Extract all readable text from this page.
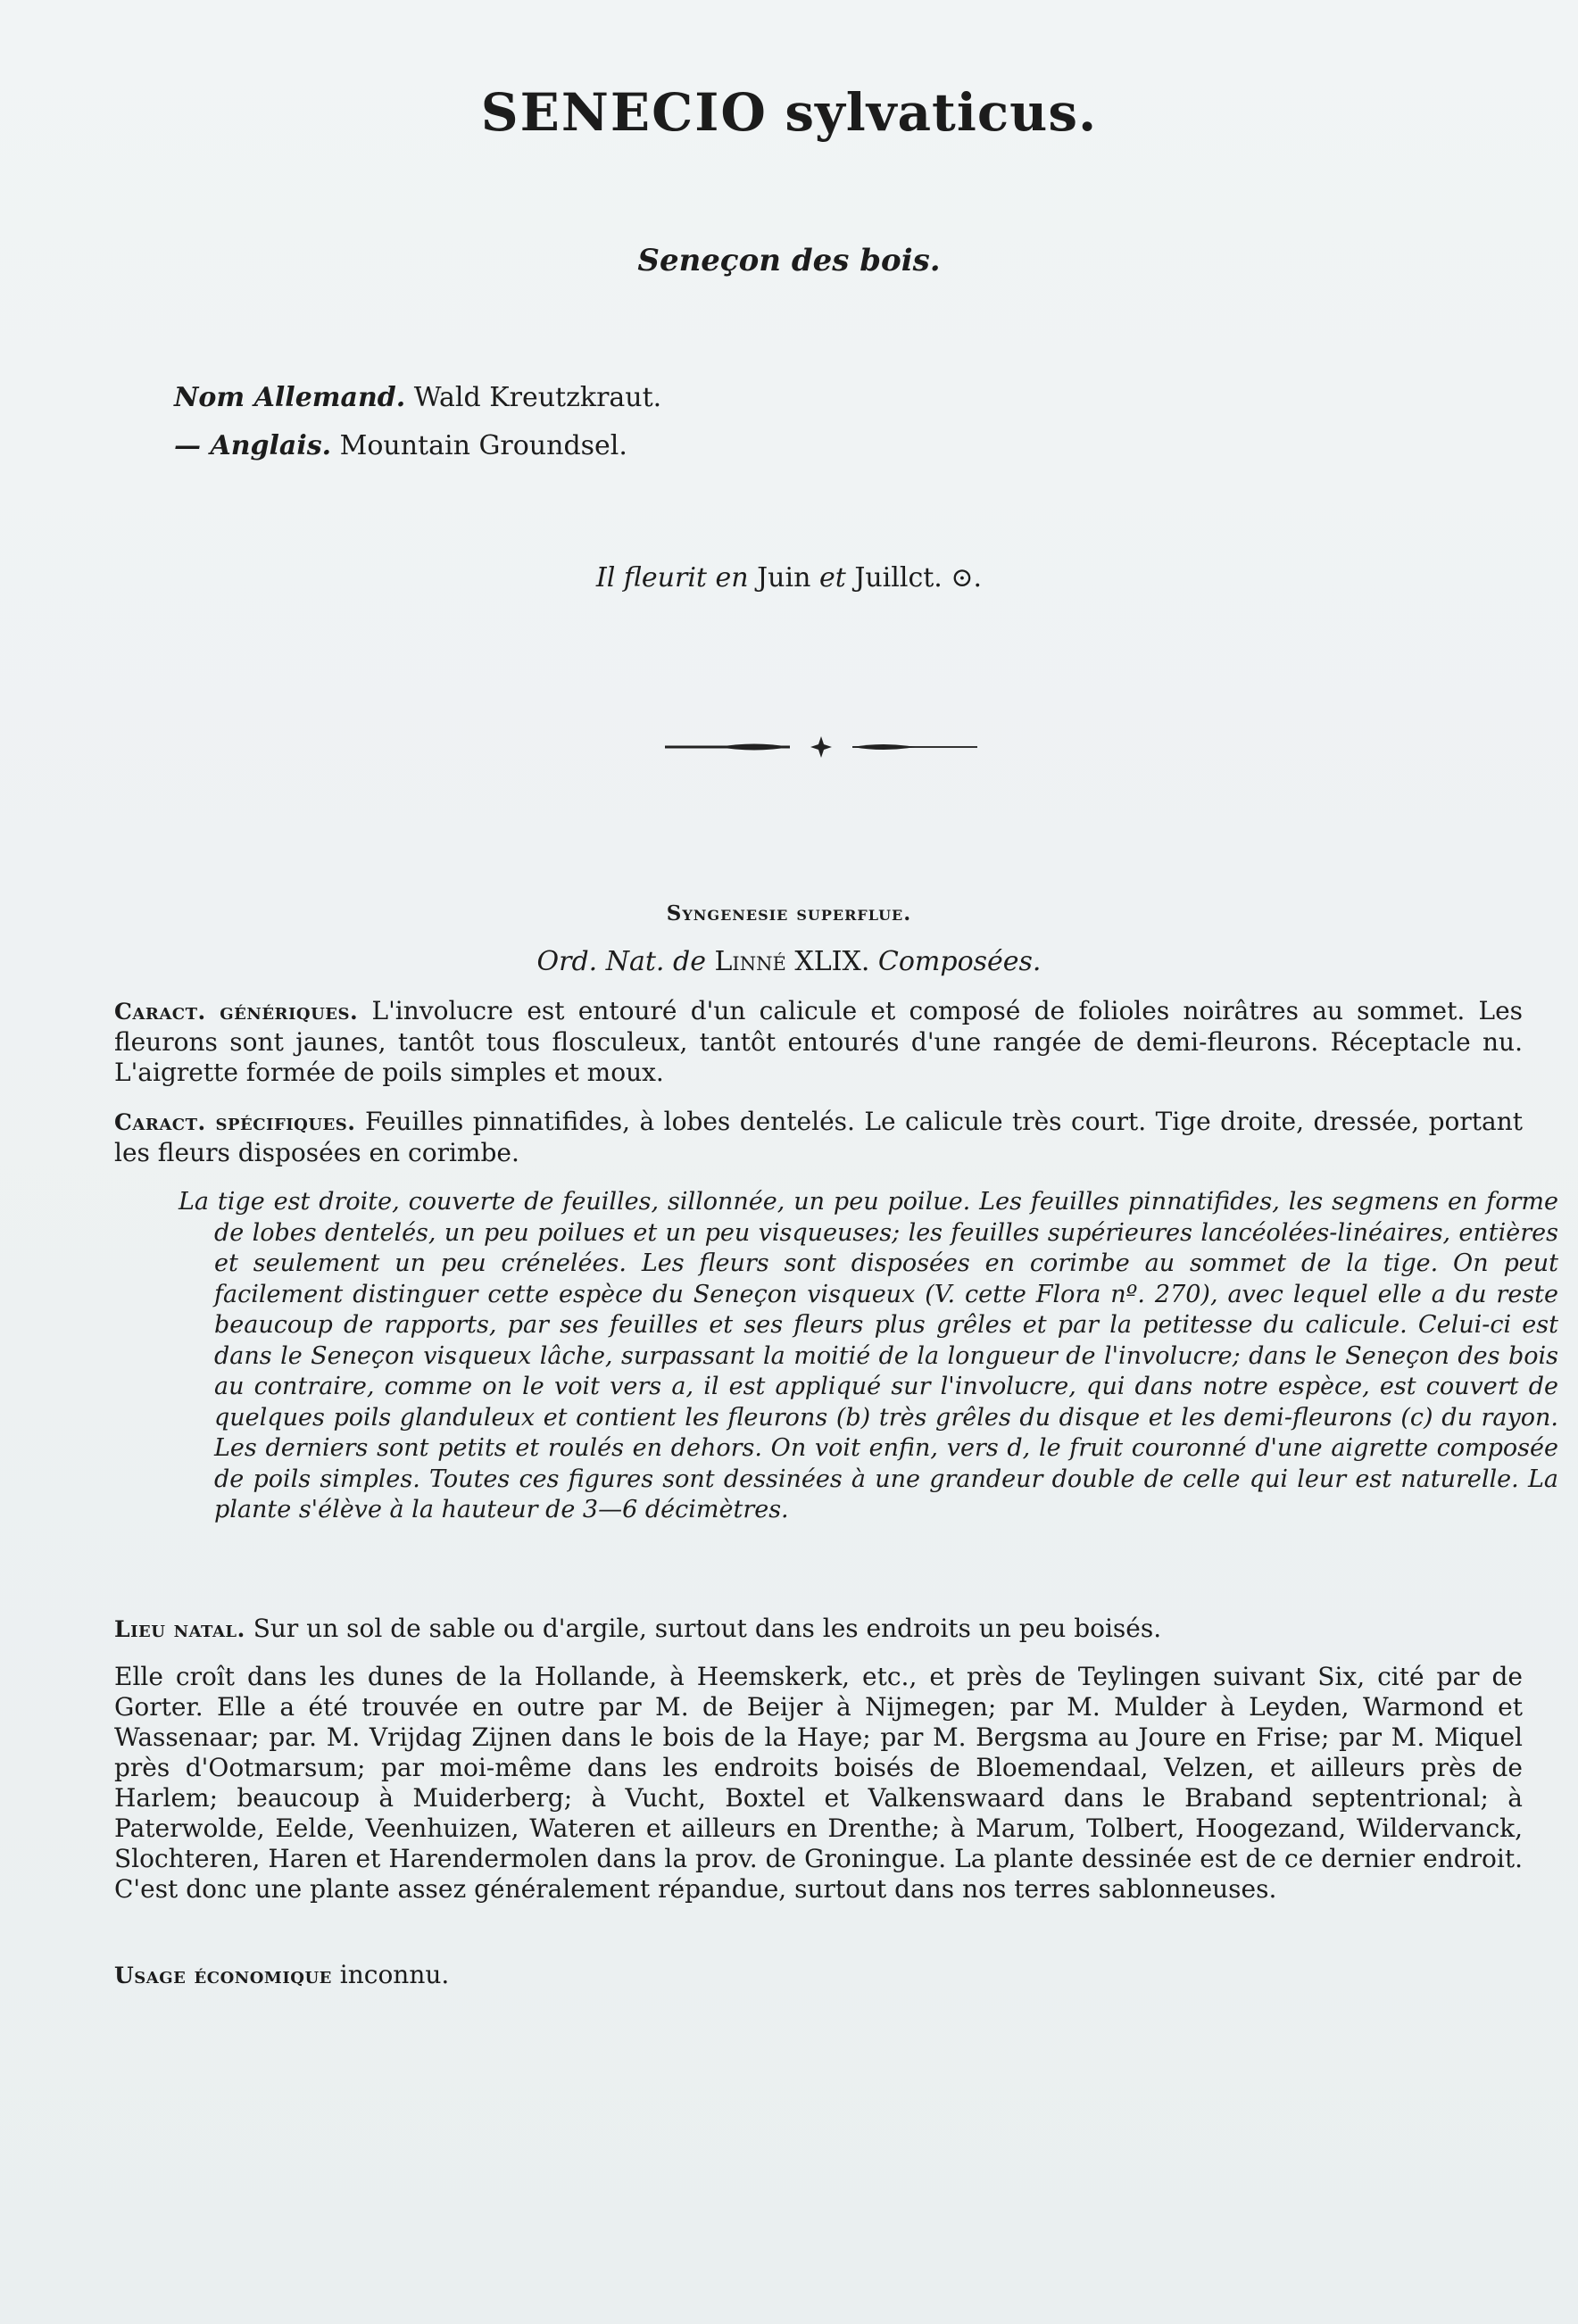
SENECIO sylvaticus.
Seneçon des bois.
Nom Allemand. Wald Kreutzkraut.
— Anglais. Mountain Groundsel.
Il fleurit en Juin et Juillct. ⊙.
Syngenesie superflue.
Ord. Nat. de Linné XLIX. Composées.
Caract. génériques. L'involucre est entouré d'un calicule et composé de folioles noirâtres au sommet. Les fleurons sont jaunes, tantôt tous flosculeux, tantôt entourés d'une rangée de demi-fleurons. Réceptacle nu. L'aigrette formée de poils simples et moux.
Caract. spécifiques. Feuilles pinnatifides, à lobes dentelés. Le calicule très court. Tige droite, dressée, portant les fleurs disposées en corimbe.
La tige est droite, couverte de feuilles, sillonnée, un peu poilue. Les feuilles pinnatifides, les segmens en forme de lobes dentelés, un peu poilues et un peu visqueuses; les feuilles supérieures lancéolées-linéaires, entières et seulement un peu crénelées. Les fleurs sont disposées en corimbe au sommet de la tige. On peut facilement distinguer cette espèce du Seneçon visqueux (V. cette Flora nº. 270), avec lequel elle a du reste beaucoup de rapports, par ses feuilles et ses fleurs plus grêles et par la petitesse du calicule. Celui-ci est dans le Seneçon visqueux lâche, surpassant la moitié de la longueur de l'involucre; dans le Seneçon des bois au contraire, comme on le voit vers a, il est appliqué sur l'involucre, qui dans notre espèce, est couvert de quelques poils glanduleux et contient les fleurons (b) très grêles du disque et les demi-fleurons (c) du rayon. Les derniers sont petits et roulés en dehors. On voit enfin, vers d, le fruit couronné d'une aigrette composée de poils simples. Toutes ces figures sont dessinées à une grandeur double de celle qui leur est naturelle. La plante s'élève à la hauteur de 3—6 décimètres.
Lieu natal. Sur un sol de sable ou d'argile, surtout dans les endroits un peu boisés.
Elle croît dans les dunes de la Hollande, à Heemskerk, etc., et près de Teylingen suivant Six, cité par de Gorter. Elle a été trouvée en outre par M. de Beijer à Nijmegen; par M. Mulder à Leyden, Warmond et Wassenaar; par. M. Vrijdag Zijnen dans le bois de la Haye; par M. Bergsma au Joure en Frise; par M. Miquel près d'Ootmarsum; par moi-même dans les endroits boisés de Bloemendaal, Velzen, et ailleurs près de Harlem; beaucoup à Muiderberg; à Vucht, Boxtel et Valkenswaard dans le Braband septentrional; à Paterwolde, Eelde, Veenhuizen, Wateren et ailleurs en Drenthe; à Marum, Tolbert, Hoogezand, Wildervanck, Slochteren, Haren et Harendermolen dans la prov. de Groningue. La plante dessinée est de ce dernier endroit. C'est donc une plante assez généralement répandue, surtout dans nos terres sablonneuses.
Usage économique inconnu.
